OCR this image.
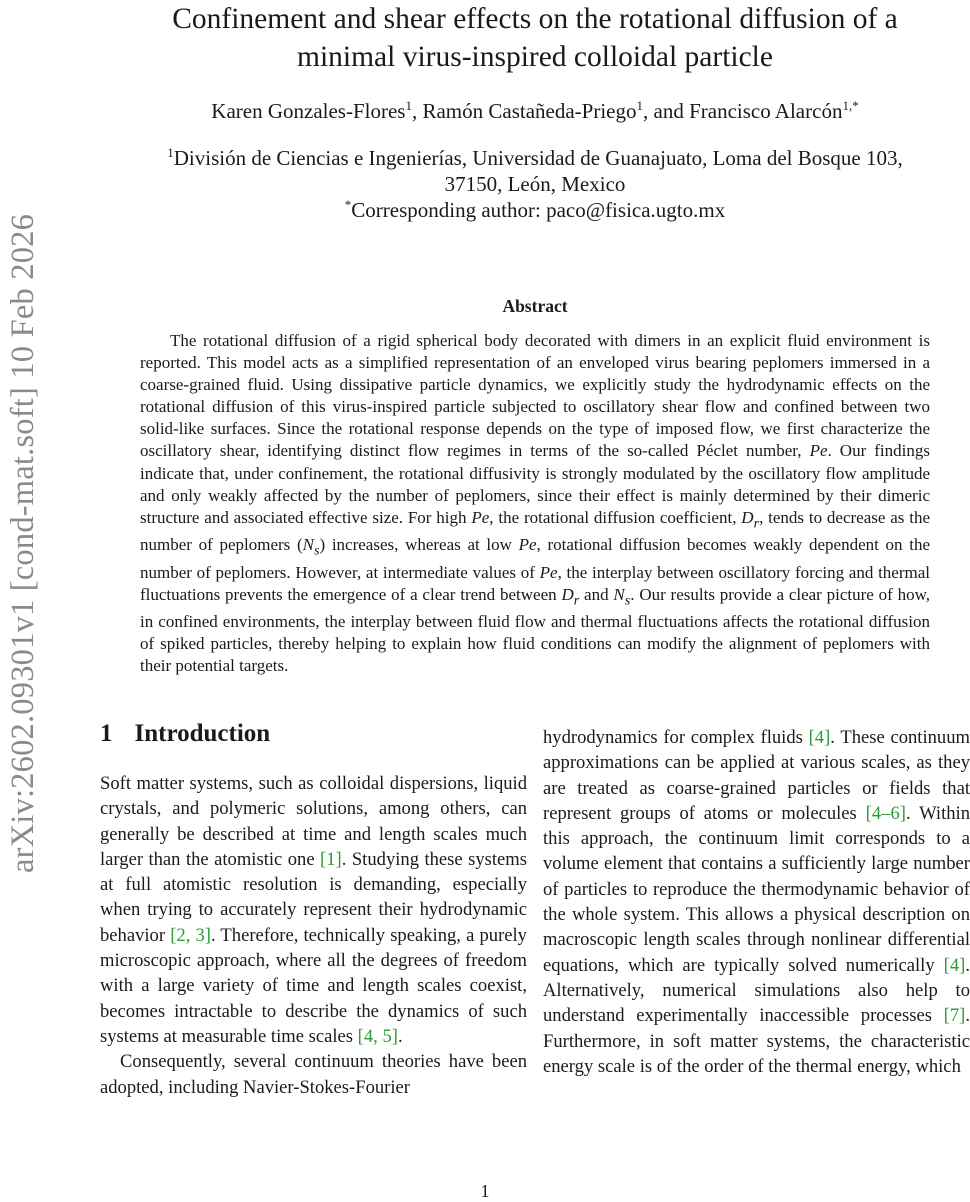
arXiv:2602.09301v1 [cond-mat.soft] 10 Feb 2026
Confinement and shear effects on the rotational diffusion of a
minimal virus-inspired colloidal particle
Karen Gonzales-Flores$^1$, Ramón Castañeda-Priego$^1$, and Francisco Alarcón$^{1,*}$
$^1$División de Ciencias e Ingenierías, Universidad de Guanajuato, Loma del Bosque 103,
37150, León, Mexico
*Corresponding author: paco@fisica.ugto.mx
Abstract

The rotational diffusion of a rigid spherical body decorated with dimers in an explicit fluid environment is reported. This model acts as a simplified representation of an enveloped virus bearing peplomers immersed in a coarse-grained fluid. Using dissipative particle dynamics, we explicitly study the hydrodynamic effects on the rotational diffusion of this virus-inspired particle subjected to oscillatory shear flow and confined between two solid-like surfaces. Since the rotational response depends on the type of imposed flow, we first characterize the oscillatory shear, identifying distinct flow regimes in terms of the so-called Péclet number, Pe. Our findings indicate that, under confinement, the rotational diffusivity is strongly modulated by the oscillatory flow amplitude and only weakly affected by the number of peplomers, since their effect is mainly determined by their dimeric structure and associated effective size. For high Pe, the rotational diffusion coefficient, $D_r$, tends to decrease as the number of peplomers $(N_s)$ increases, whereas at low Pe, rotational diffusion becomes weakly dependent on the number of peplomers. However, at intermediate values of Pe, the interplay between oscillatory forcing and thermal fluctuations prevents the emergence of a clear trend between $D_r$ and $N_s$. Our results provide a clear picture of how, in confined environments, the interplay between fluid flow and thermal fluctuations affects the rotational diffusion of spiked particles, thereby helping to explain how fluid conditions can modify the alignment of peplomers with their potential targets.

1 Introduction

Soft matter systems, such as colloidal dispersions, liquid crystals, and polymeric solutions, among others, can generally be described at time and length scales much larger than the atomistic one [1]. Studying these systems at full atomistic resolution is demanding, especially when trying to accurately represent their hydrodynamic behavior [2, 3]. Therefore, technically speaking, a purely microscopic approach, where all the degrees of freedom with a large variety of time and length scales coexist, becomes intractable to describe the dynamics of such systems at measurable time scales [4, 5].

Consequently, several continuum theories have been adopted, including Navier-Stokes-Fourier

hydrodynamics for complex fluids [4]. These continuum approximations can be applied at various scales, as they are treated as coarse-grained particles or fields that represent groups of atoms or molecules [4–6]. Within this approach, the continuum limit corresponds to a volume element that contains a sufficiently large number of particles to reproduce the thermodynamic behavior of the whole system. This allows a physical description on macroscopic length scales through nonlinear differential equations, which are typically solved numerically [4]. Alternatively, numerical simulations also help to understand experimentally inaccessible processes [7]. Furthermore, in soft matter systems, the characteristic energy scale is of the order of the thermal energy, which

1
